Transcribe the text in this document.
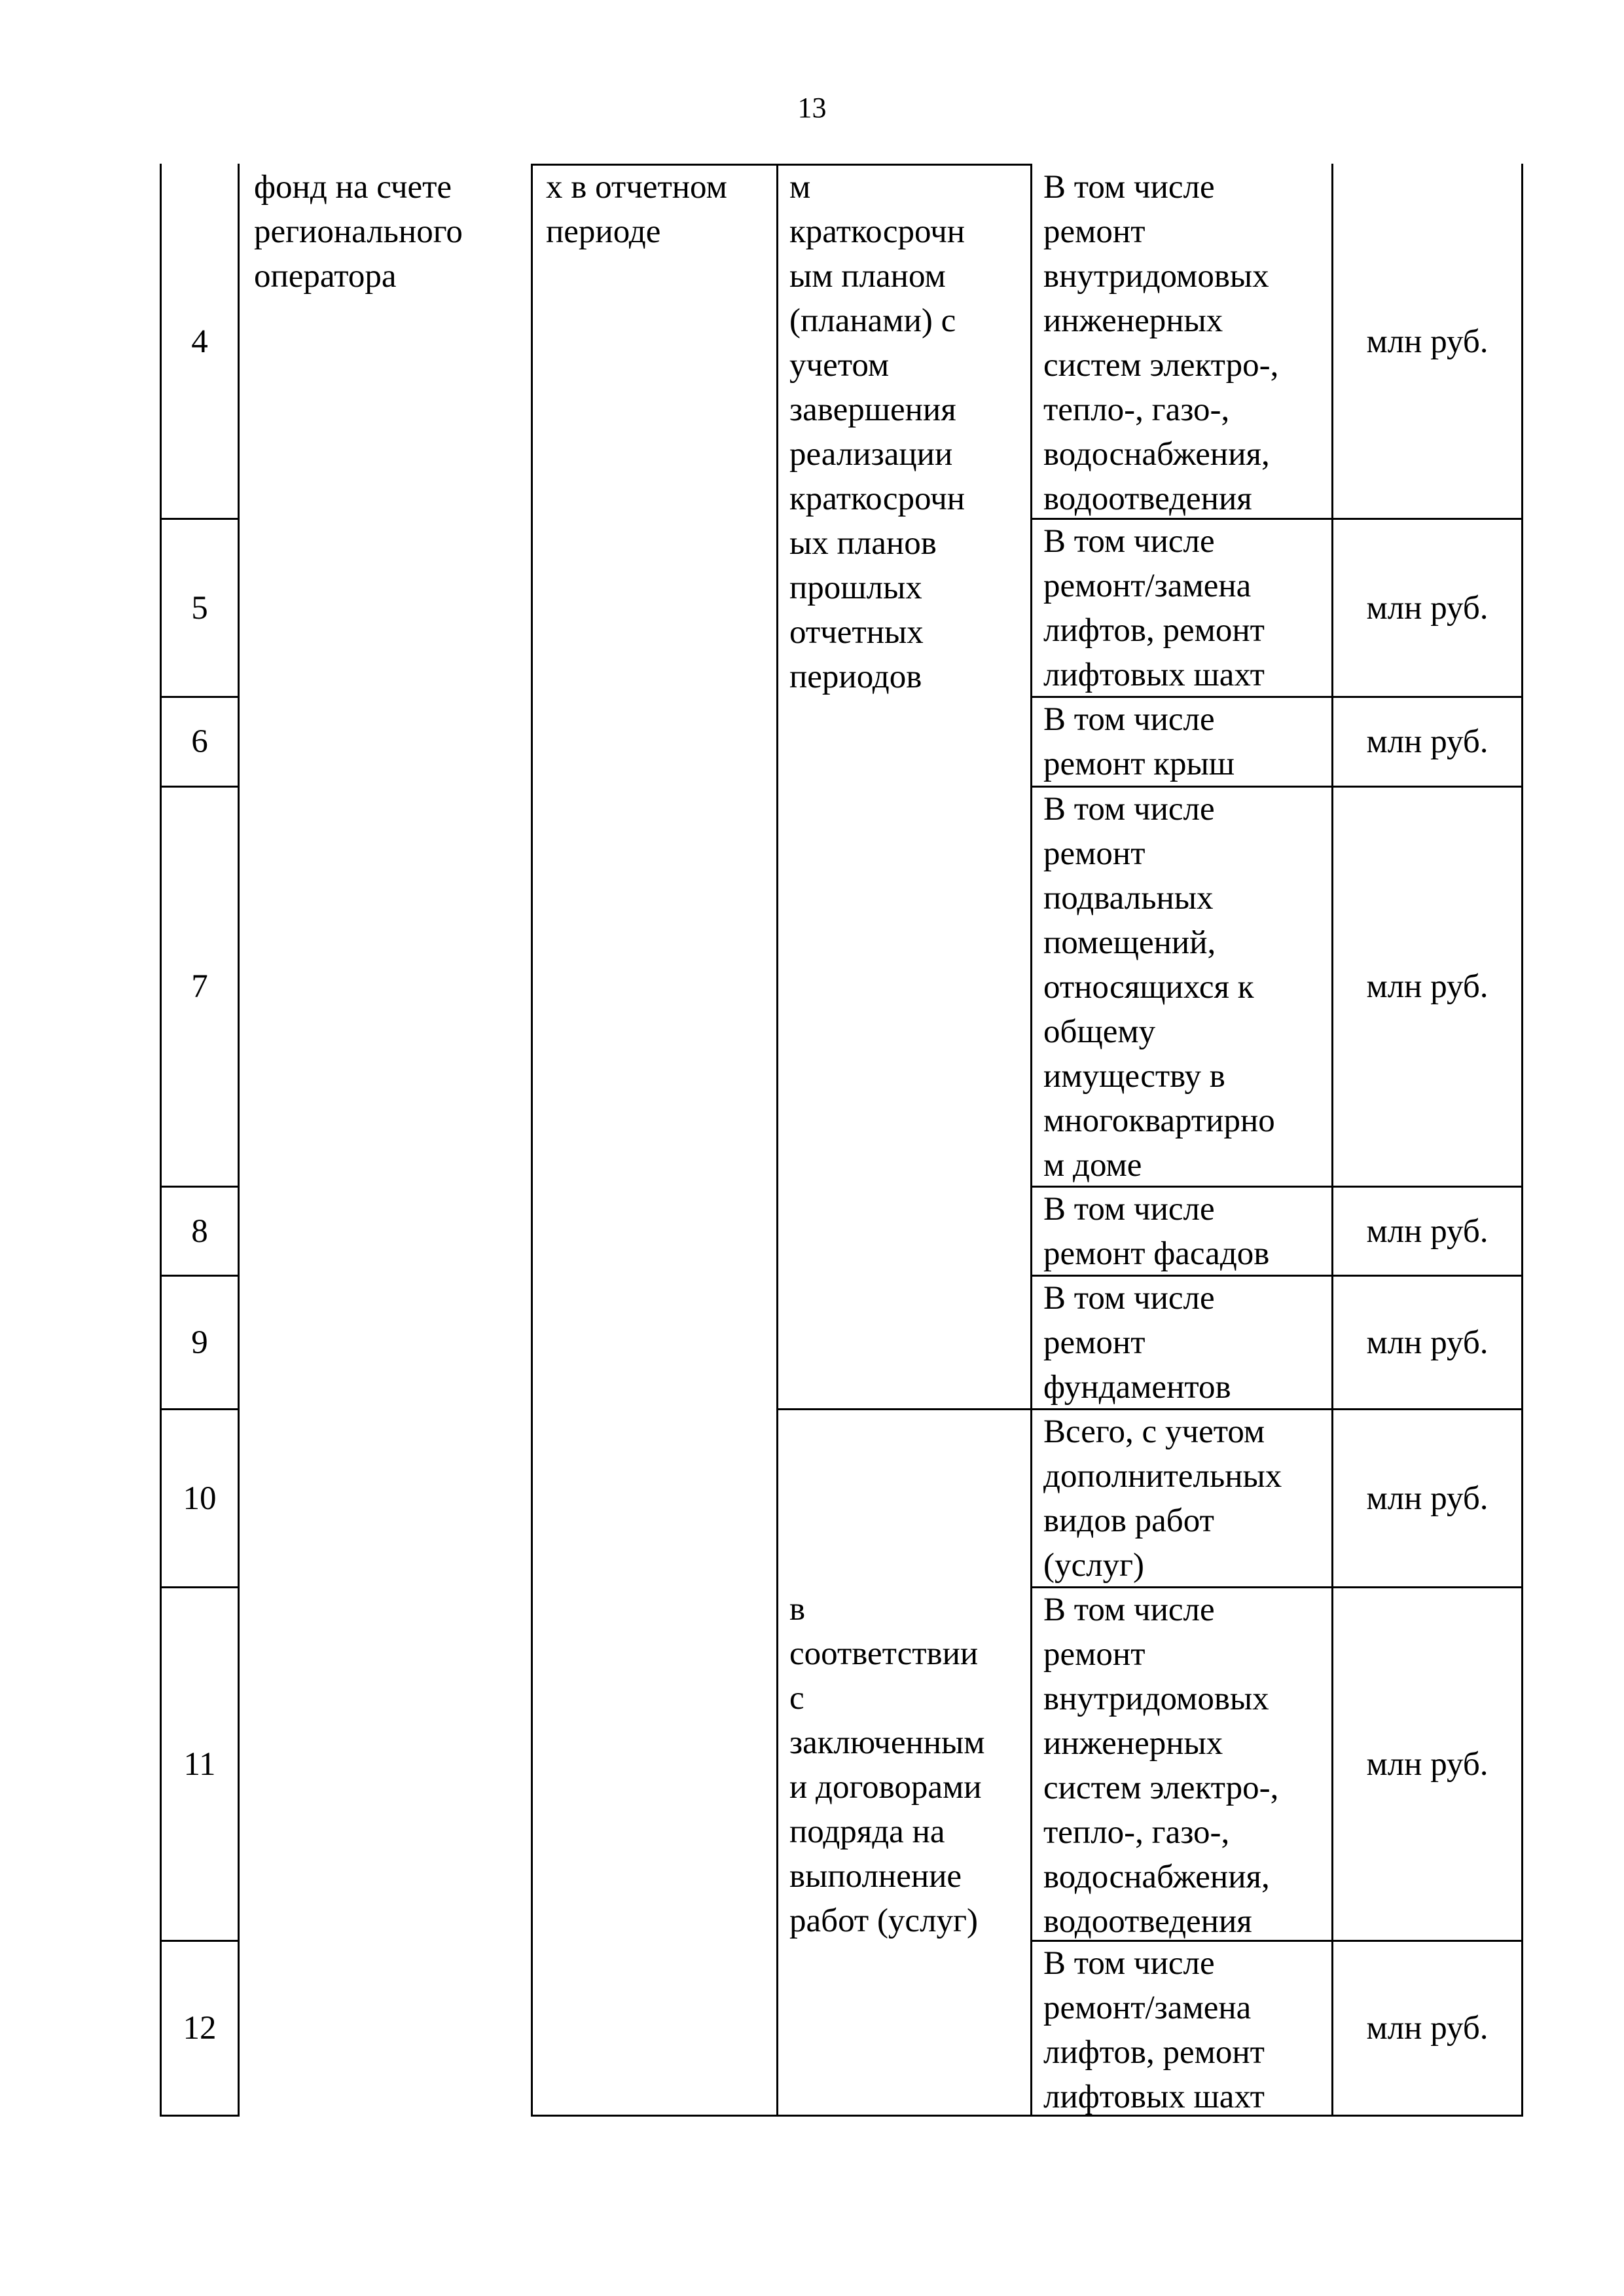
13
фонд на счете
регионального
оператора
х в отчетном
периоде
м
краткосрочн
ым планом
(планами) с
учетом
завершения
реализации
краткосрочн
ых планов
прошлых
отчетных
периодов
в
соответствии
с
заключенным
и договорами
подряда на
выполнение
работ (услуг)
4
В том числе
ремонт
внутридомовых
инженерных
систем электро-,
тепло-, газо-,
водоснабжения,
водоотведения
млн руб.
5
В том числе
ремонт/замена
лифтов, ремонт
лифтовых шахт
млн руб.
6
В том числе
ремонт крыш
млн руб.
7
В том числе
ремонт
подвальных
помещений,
относящихся к
общему
имуществу в
многоквартирно
м доме
млн руб.
8
В том числе
ремонт фасадов
млн руб.
9
В том числе
ремонт
фундаментов
млн руб.
10
Всего, с учетом
дополнительных
видов работ
(услуг)
млн руб.
11
В том числе
ремонт
внутридомовых
инженерных
систем электро-,
тепло-, газо-,
водоснабжения,
водоотведения
млн руб.
12
В том числе
ремонт/замена
лифтов, ремонт
лифтовых шахт
млн руб.
